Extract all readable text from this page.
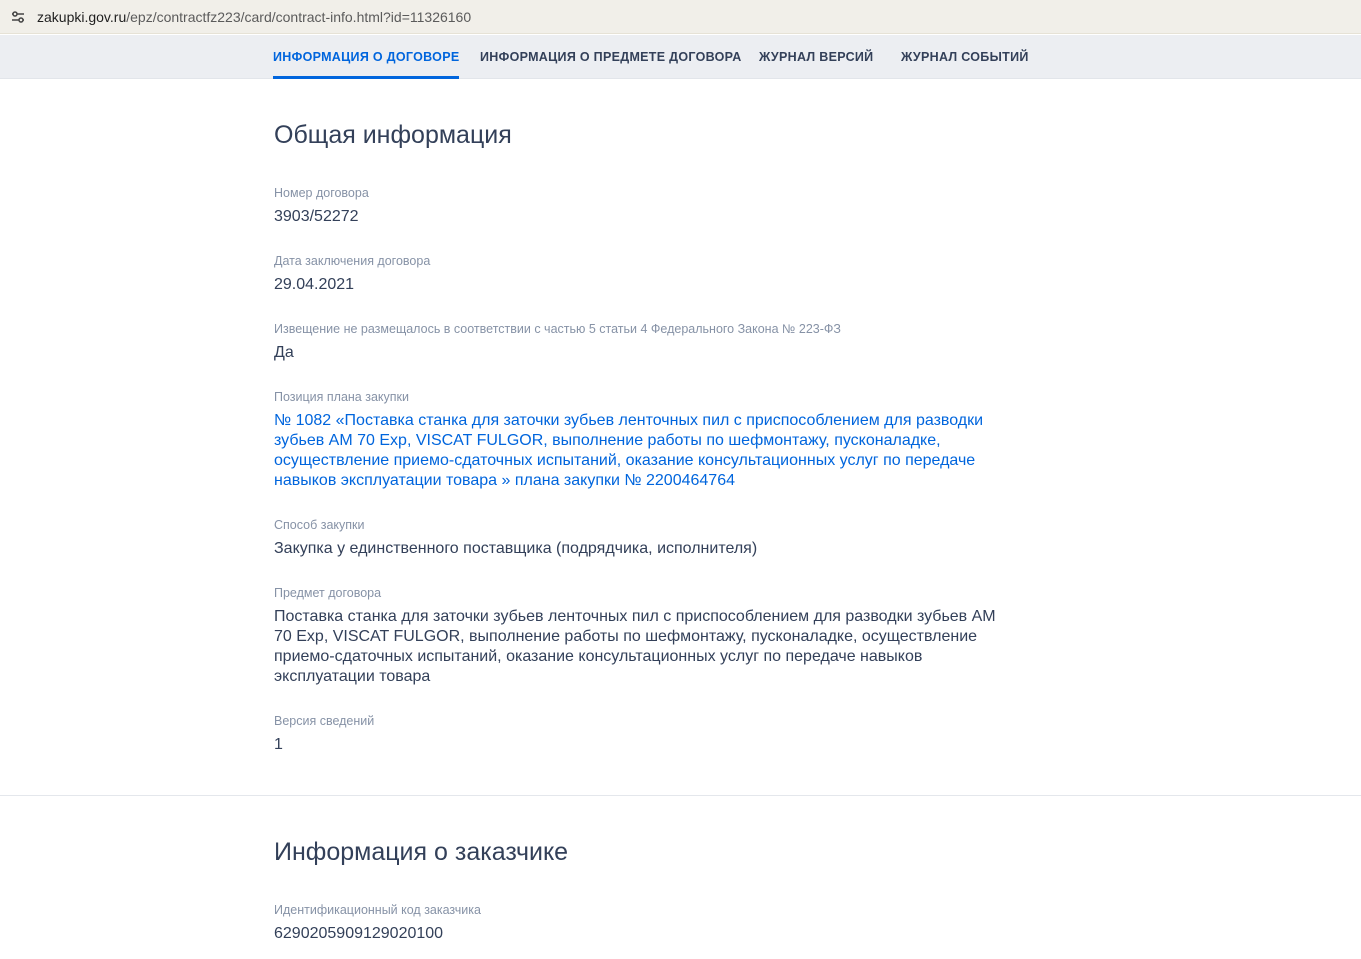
zakupki.gov.ru/epz/contractfz223/card/contract-info.html?id=11326160
ИНФОРМАЦИЯ О ДОГОВОРЕ ИНФОРМАЦИЯ О ПРЕДМЕТЕ ДОГОВОРА ЖУРНАЛ ВЕРСИЙ ЖУРНАЛ СОБЫТИЙ
Общая информация
Номер договора
3903/52272
Дата заключения договора
29.04.2021
Извещение не размещалось в соответствии с частью 5 статьи 4 Федерального Закона № 223-ФЗ
Да
Позиция плана закупки
№ 1082 «Поставка станка для заточки зубьев ленточных пил с приспособлением для разводки
зубьев AM 70 Exp, VISCAT FULGOR, выполнение работы по шефмонтажу, пусконаладке,
осуществление приемо-сдаточных испытаний, оказание консультационных услуг по передаче
навыков эксплуатации товара » плана закупки № 2200464764
Способ закупки
Закупка у единственного поставщика (подрядчика, исполнителя)
Предмет договора
Поставка станка для заточки зубьев ленточных пил с приспособлением для разводки зубьев AM
70 Exp, VISCAT FULGOR, выполнение работы по шефмонтажу, пусконаладке, осуществление
приемо-сдаточных испытаний, оказание консультационных услуг по передаче навыков
эксплуатации товара
Версия сведений
1
Информация о заказчике
Идентификационный код заказчика
6290205909129020100
